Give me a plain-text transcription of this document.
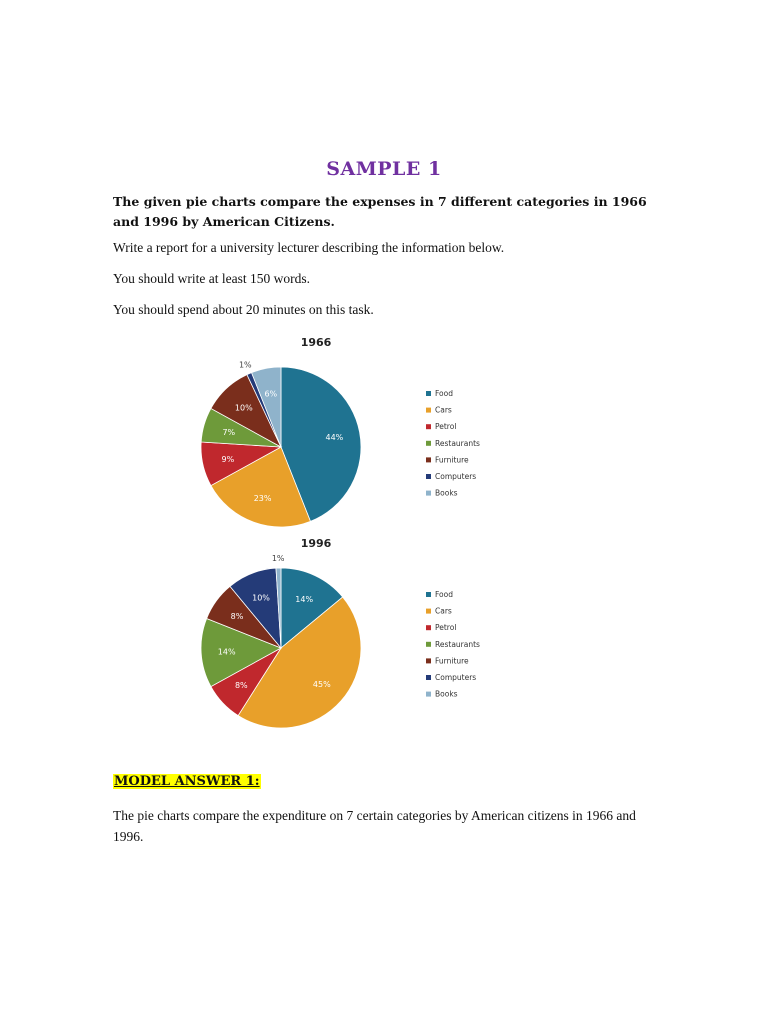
SAMPLE 1
The given pie charts compare the expenses in 7 different categories in 1966 and 1996 by American Citizens.
Write a report for a university lecturer describing the information below.
You should write at least 150 words.
You should spend about 20 minutes on this task.
1966
44%
23%
9%
7%
10%
1%
6%	Food
Cars
Petrol
Restaurants
Furniture
Computers
Books
1996
14%
45%
8%
14%
8%
10%
1%
Food
Cars
Petrol
Restaurants
Furniture
Computers
Books
MODEL ANSWER 1:
The pie charts compare the expenditure on 7 certain categories by American citizens in 1966 and 1996.
